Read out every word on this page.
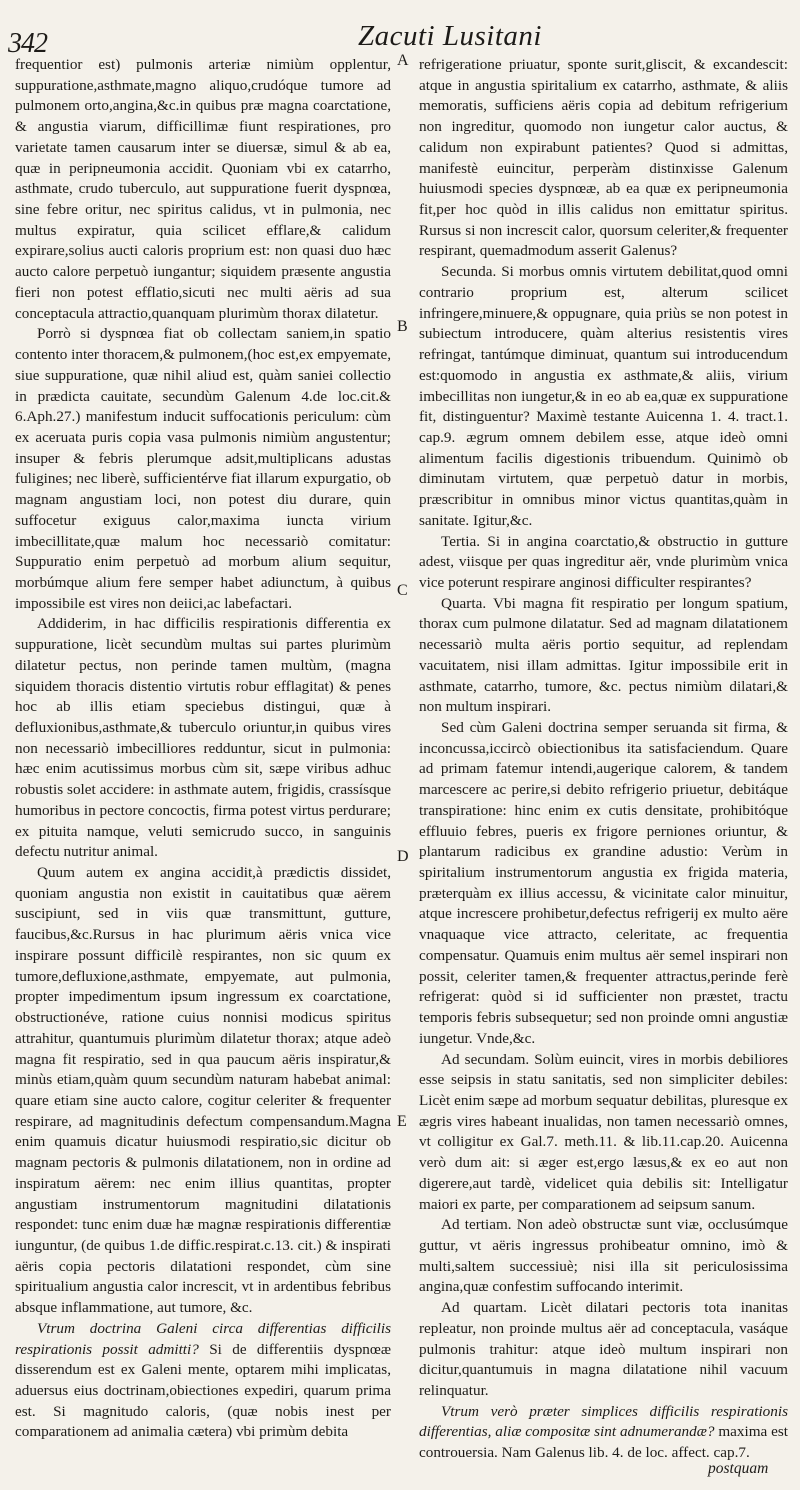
342	Zacuti Lusitani

frequentior est) pulmonis arteriæ nimiùm opplentur, suppuratione,asthmate,magno aliquo,crudóque tumore ad pulmonem orto,angina,&c.in quibus præ magna coarctatione, & angustia viarum, difficillimæ fiunt respirationes, pro varietate tamen causarum inter se diuersæ, simul & ab ea, quæ in peripneumonia accidit. Quoniam vbi ex catarrho, asthmate, crudo tuberculo, aut suppuratione fuerit dyspnœa, sine febre oritur, nec spiritus calidus, vt in pulmonia, nec multus expiratur, quia scilicet efflare,& calidum expirare,solius aucti caloris proprium est: non quasi duo hæc aucto calore perpetuò iungantur; siquidem præsente angustia fieri non potest efflatio,sicuti nec multi aëris ad sua conceptacula attractio,quanquam plurimùm thorax dilatetur.

Porrò si dyspnœa fiat ob collectam saniem,in spatio contento inter thoracem,& pulmonem,(hoc est,ex empyemate, siue suppuratione, quæ nihil aliud est, quàm saniei collectio in prædicta cauitate, secundùm Galenum 4.de loc.cit.& 6.Aph.27.) manifestum inducit suffocationis periculum: cùm ex aceruata puris copia vasa pulmonis nimiùm angustentur; insuper & febris plerumque adsit,multiplicans adustas fuligines; nec liberè, sufficientérve fiat illarum expurgatio, ob magnam angustiam loci, non potest diu durare, quin suffocetur exiguus calor,maxima iuncta virium imbecillitate,quæ malum hoc necessariò comitatur: Suppuratio enim perpetuò ad morbum alium sequitur, morbúmque alium fere semper habet adiunctum, à quibus impossibile est vires non deiici,ac labefactari.

Addiderim, in hac difficilis respirationis differentia ex suppuratione, licèt secundùm multas sui partes plurimùm dilatetur pectus, non perinde tamen multùm, (magna siquidem thoracis distentio virtutis robur efflagitat) & penes hoc ab illis etiam speciebus distingui, quæ à defluxionibus,asthmate,& tuberculo oriuntur,in quibus vires non necessariò imbecilliores redduntur, sicut in pulmonia: hæc enim acutissimus morbus cùm sit, sæpe viribus adhuc robustis solet accidere: in asthmate autem, frigidis, crassísque humoribus in pectore concoctis, firma potest virtus perdurare; ex pituita namque, veluti semicrudo succo, in sanguinis defectu nutritur animal.

Quum autem ex angina accidit,à prædictis dissidet, quoniam angustia non existit in cauitatibus quæ aërem suscipiunt, sed in viis quæ transmittunt, gutture, faucibus,&c.Rursus in hac plurimum aëris vnica vice inspirare possunt difficilè respirantes, non sic quum ex tumore,defluxione,asthmate, empyemate, aut pulmonia, propter impedimentum ipsum ingressum ex coarctatione, obstructionéve, ratione cuius nonnisi modicus spiritus attrahitur, quantumuis plurimùm dilatetur thorax; atque adeò magna fit respiratio, sed in qua paucum aëris inspiratur,& minùs etiam,quàm quum secundùm naturam habebat animal: quare etiam sine aucto calore, cogitur celeriter & frequenter respirare, ad magnitudinis defectum compensandum.Magna enim quamuis dicatur huiusmodi respiratio,sic dicitur ob magnam pectoris & pulmonis dilatationem, non in ordine ad inspiratum aërem: nec enim illius quantitas, propter angustiam instrumentorum magnitudini dilatationis respondet: tunc enim duæ hæ magnæ respirationis differentiæ iunguntur, (de quibus 1.de diffic.respirat.c.13. cit.) & inspirati aëris copia pectoris dilatationi respondet, cùm sine spiritualium angustia calor increscit, vt in ardentibus febribus absque inflammatione, aut tumore, &c.

Vtrum doctrina Galeni circa differentias difficilis respirationis possit admitti? Si de differentiis dyspnœæ disserendum est ex Galeni mente, optarem mihi implicatas, aduersus eius doctrinam,obiectiones expediri, quarum prima est. Si magnitudo caloris, (quæ nobis inest per comparationem ad animalia cætera) vbi primùm debita

refrigeratione priuatur, sponte surit,gliscit, & excandescit: atque in angustia spiritalium ex catarrho, asthmate, & aliis memoratis, sufficiens aëris copia ad debitum refrigerium non ingreditur, quomodo non iungetur calor auctus, & calidum non expirabunt patientes? Quod si admittas, manifestè euincitur, perperàm distinxisse Galenum huiusmodi species dyspnœæ, ab ea quæ ex peripneumonia fit,per hoc quòd in illis calidus non emittatur spiritus. Rursus si non increscit calor, quorsum celeriter,& frequenter respirant, quemadmodum asserit Galenus?

Secunda. Si morbus omnis virtutem debilitat,quod omni contrario proprium est, alterum scilicet infringere,minuere,& oppugnare, quia priùs se non potest in subiectum introducere, quàm alterius resistentis vires refringat, tantúmque diminuat, quantum sui introducendum est:quomodo in angustia ex asthmate,& aliis, virium imbecillitas non iungetur,& in eo ab ea,quæ ex suppuratione fit, distinguentur? Maximè testante Auicenna 1. 4. tract.1. cap.9. ægrum omnem debilem esse, atque ideò omni alimentum facilis digestionis tribuendum. Quinimò ob diminutam virtutem, quæ perpetuò datur in morbis, præscribitur in omnibus minor victus quantitas,quàm in sanitate. Igitur,&c.

Tertia. Si in angina coarctatio,& obstructio in gutture adest, viisque per quas ingreditur aër, vnde plurimùm vnica vice poterunt respirare anginosi difficulter respirantes?

Quarta. Vbi magna fit respiratio per longum spatium, thorax cum pulmone dilatatur. Sed ad magnam dilatationem necessariò multa aëris portio sequitur, ad replendam vacuitatem, nisi illam admittas. Igitur impossibile erit in asthmate, catarrho, tumore, &c. pectus nimiùm dilatari,& non multum inspirari.

Sed cùm Galeni doctrina semper seruanda sit firma, & inconcussa,iccircò obiectionibus ita satisfaciendum. Quare ad primam fatemur intendi,augerique calorem, & tandem marcescere ac perire,si debito refrigerio priuetur, debitáque transpiratione: hinc enim ex cutis densitate, prohibitóque effluuio febres, pueris ex frigore perniones oriuntur, & plantarum radicibus ex grandine adustio: Verùm in spiritalium instrumentorum angustia ex frigida materia, præterquàm ex illius accessu, & vicinitate calor minuitur, atque increscere prohibetur,defectus refrigerij ex multo aëre vnaquaque vice attracto, celeritate, ac frequentia compensatur. Quamuis enim multus aër semel inspirari non possit, celeriter tamen,& frequenter attractus,perinde ferè refrigerat: quòd si id sufficienter non præstet, tractu temporis febris subsequetur; sed non proinde omni angustiæ iungetur. Vnde,&c.

Ad secundam. Solùm euincit, vires in morbis debiliores esse seipsis in statu sanitatis, sed non simpliciter debiles: Licèt enim sæpe ad morbum sequatur debilitas, pluresque ex ægris vires habeant inualidas, non tamen necessariò omnes, vt colligitur ex Gal.7. meth.11. & lib.11.cap.20. Auicenna verò dum ait: si æger est,ergo læsus,& ex eo aut non digerere,aut tardè, videlicet quia debilis sit: Intelligatur maiori ex parte, per comparationem ad seipsum sanum.

Ad tertiam. Non adeò obstructæ sunt viæ, occlusúmque guttur, vt aëris ingressus prohibeatur omnino, imò & multi,saltem successiuè; nisi illa sit periculosissima angina,quæ confestim suffocando interimit.

Ad quartam. Licèt dilatari pectoris tota inanitas repleatur, non proinde multus aër ad conceptacula, vasáque pulmonis trahitur: atque ideò multum inspirari non dicitur,quantumuis in magna dilatatione nihil vacuum relinquatur.

Vtrum verò præter simplices difficilis respirationis differentias, aliæ compositæ sint adnumerandæ? maxima est controuersia. Nam Galenus lib. 4. de loc. affect. cap.7.

A
B
C
D
E
postquam
